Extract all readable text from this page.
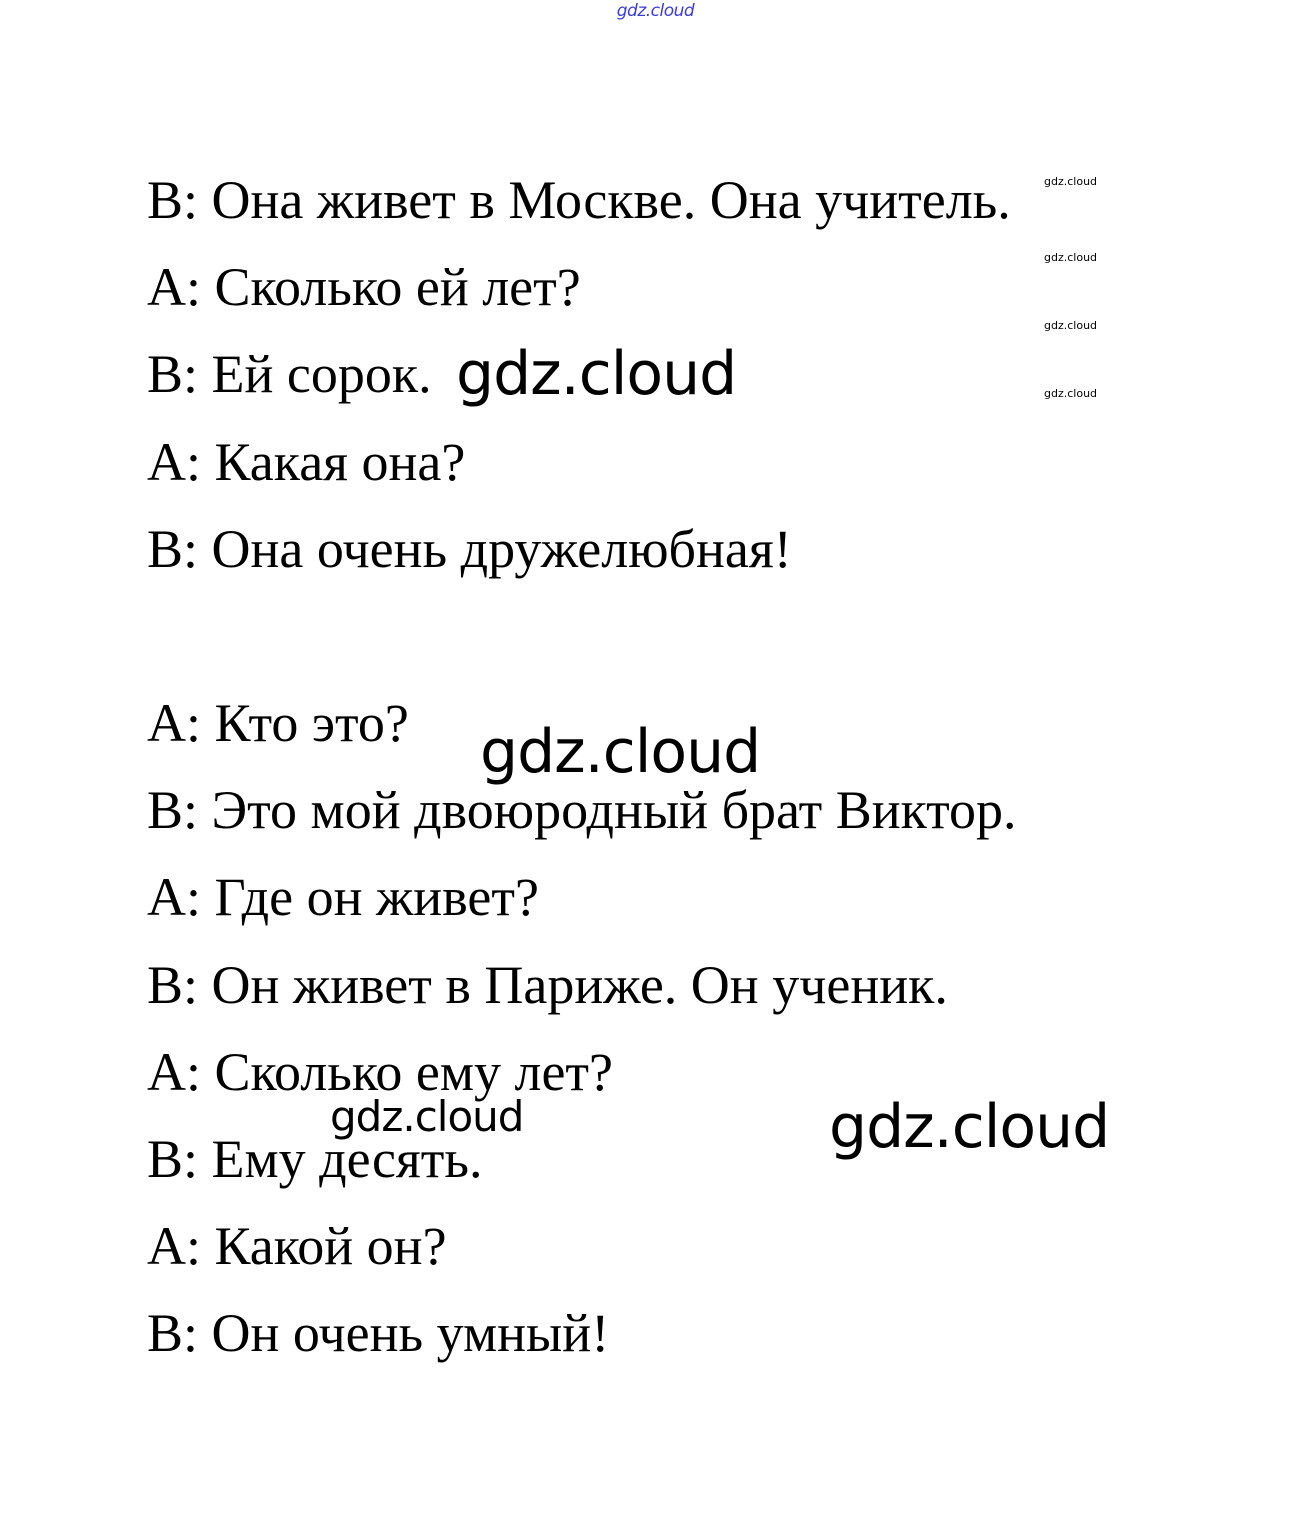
gdz.cloud
B: Она живет в Москве. Она учитель.
A: Сколько ей лет?
B: Ей сорок.
A: Какая она?
B: Она очень дружелюбная!
A: Кто это?
B: Это мой двоюродный брат Виктор.
A: Где он живет?
B: Он живет в Париже. Он ученик.
A: Сколько ему лет?
B: Ему десять.
A: Какой он?
B: Он очень умный!
gdz.cloud
gdz.cloud
gdz.cloud
gdz.cloud
gdz.cloud
gdz.cloud
gdz.cloud
gdz.cloud
